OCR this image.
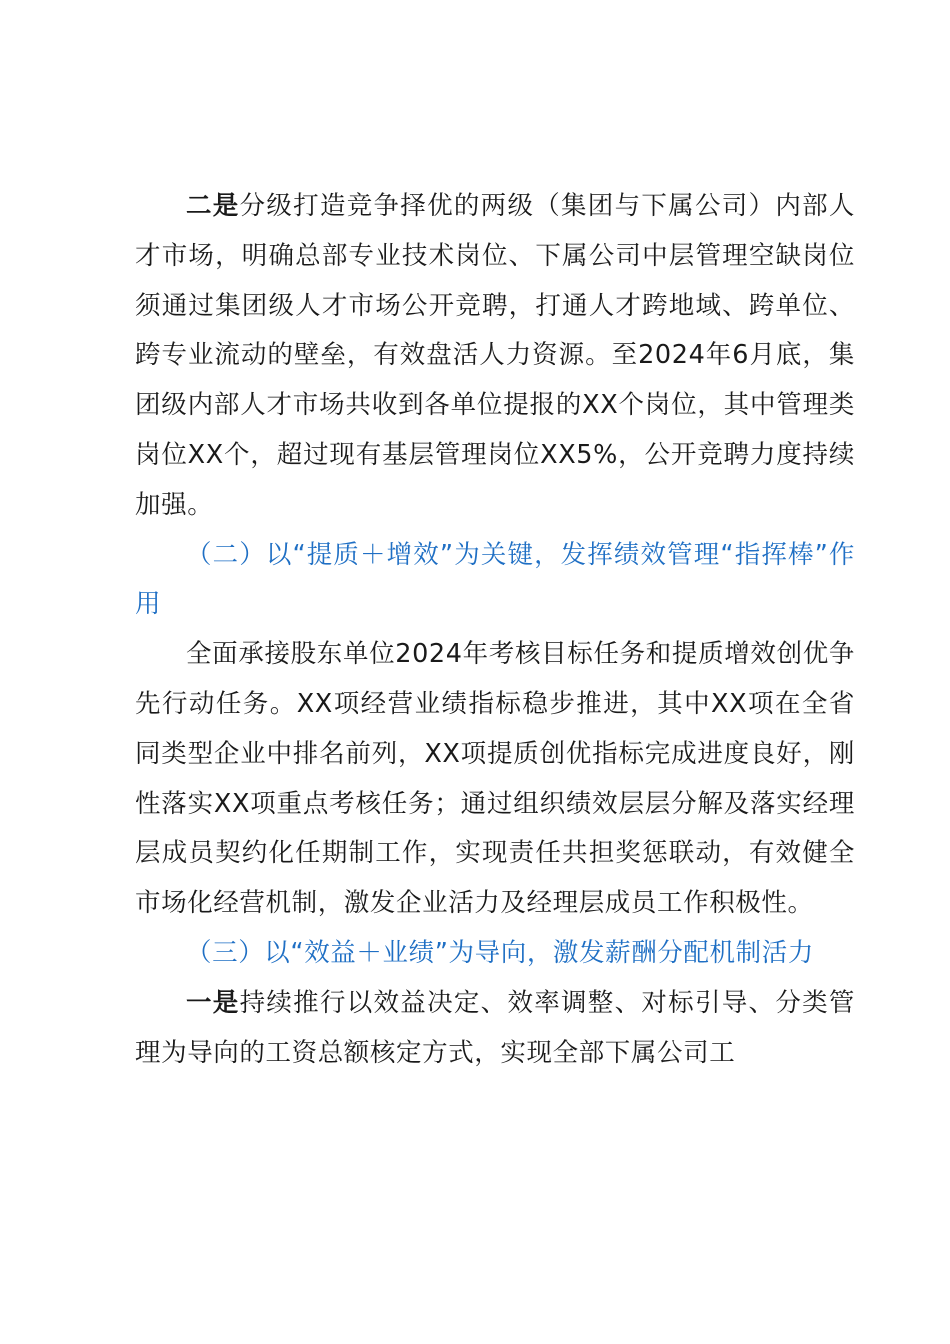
二是分级打造竞争择优的两级（集团与下属公司）内部人才市场，明确总部专业技术岗位、下属公司中层管理空缺岗位须通过集团级人才市场公开竞聘，打通人才跨地域、跨单位、跨专业流动的壁垒，有效盘活人力资源。至2024年6月底，集团级内部人才市场共收到各单位提报的XX个岗位，其中管理类岗位XX个，超过现有基层管理岗位XX5%，公开竞聘力度持续加强。

（二）以“提质＋增效”为关键，发挥绩效管理“指挥棒”作用

全面承接股东单位2024年考核目标任务和提质增效创优争先行动任务。XX项经营业绩指标稳步推进，其中XX项在全省同类型企业中排名前列，XX项提质创优指标完成进度良好，刚性落实XX项重点考核任务；通过组织绩效层层分解及落实经理层成员契约化任期制工作，实现责任共担奖惩联动，有效健全市场化经营机制，激发企业活力及经理层成员工作积极性。

（三）以“效益＋业绩”为导向，激发薪酬分配机制活力

一是持续推行以效益决定、效率调整、对标引导、分类管理为导向的工资总额核定方式，实现全部下属公司工
